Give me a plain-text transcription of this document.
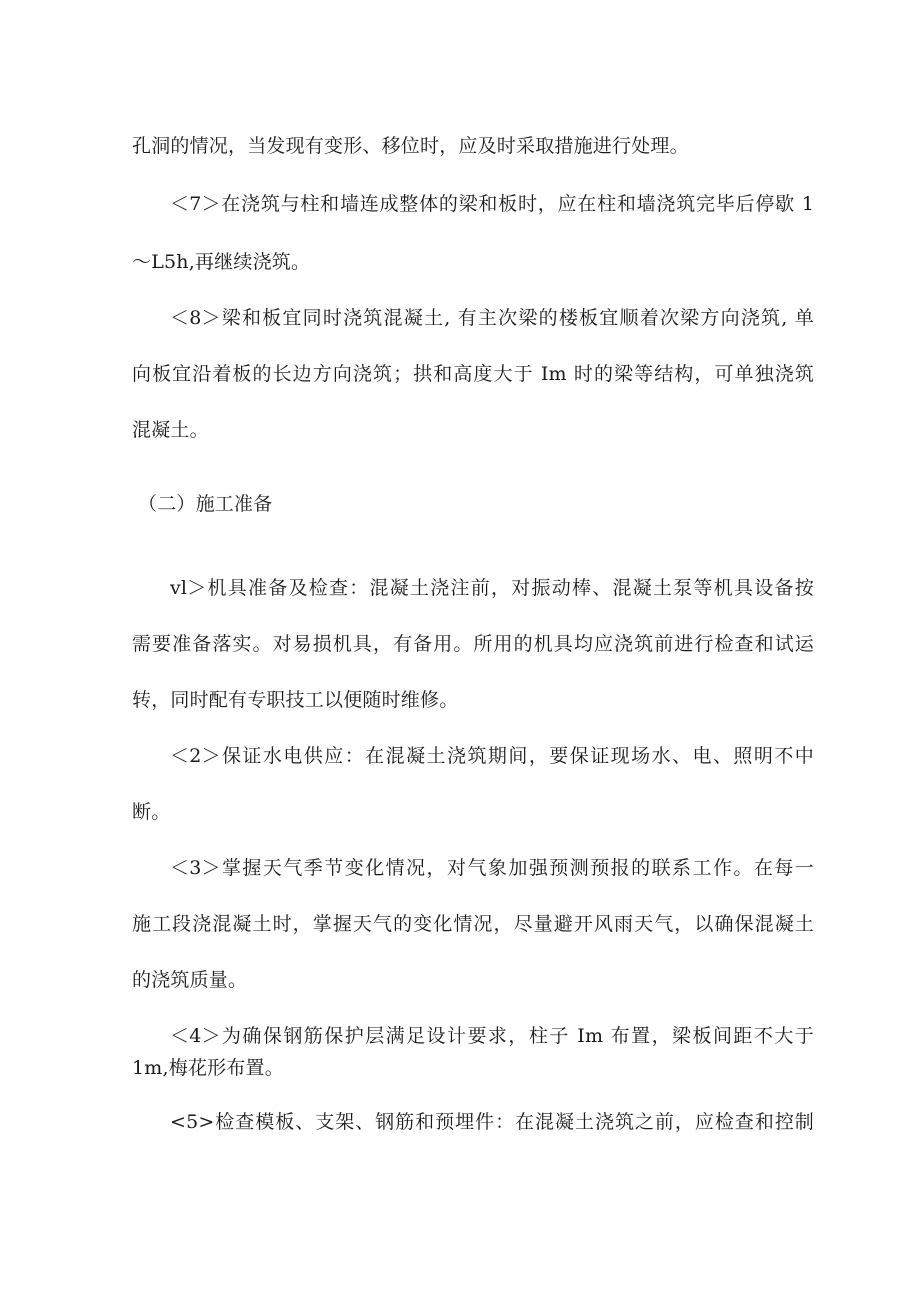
孔洞的情况，当发现有变形、移位时，应及时采取措施进行处理。
＜7＞在浇筑与柱和墙连成整体的梁和板时，应在柱和墙浇筑完毕后停歇 1
～L5h,再继续浇筑。
＜8＞梁和板宜同时浇筑混凝土, 有主次梁的楼板宜顺着次梁方向浇筑, 单
向板宜沿着板的长边方向浇筑；拱和高度大于 Im 时的梁等结构，可单独浇筑
混凝土。
（二）施工准备
vl＞机具准备及检查：混凝土浇注前，对振动棒、混凝土泵等机具设备按
需要准备落实。对易损机具，有备用。所用的机具均应浇筑前进行检查和试运
转，同时配有专职技工以便随时维修。
＜2＞保证水电供应：在混凝土浇筑期间，要保证现场水、电、照明不中
断。
＜3＞掌握天气季节变化情况，对气象加强预测预报的联系工作。在每一
施工段浇混凝土时，掌握天气的变化情况，尽量避开风雨天气，以确保混凝土
的浇筑质量。
＜4＞为确保钢筋保护层满足设计要求，柱子 Im 布置，梁板间距不大于
1m,梅花形布置。
<5>检查模板、支架、钢筋和预埋件：在混凝土浇筑之前，应检查和控制
